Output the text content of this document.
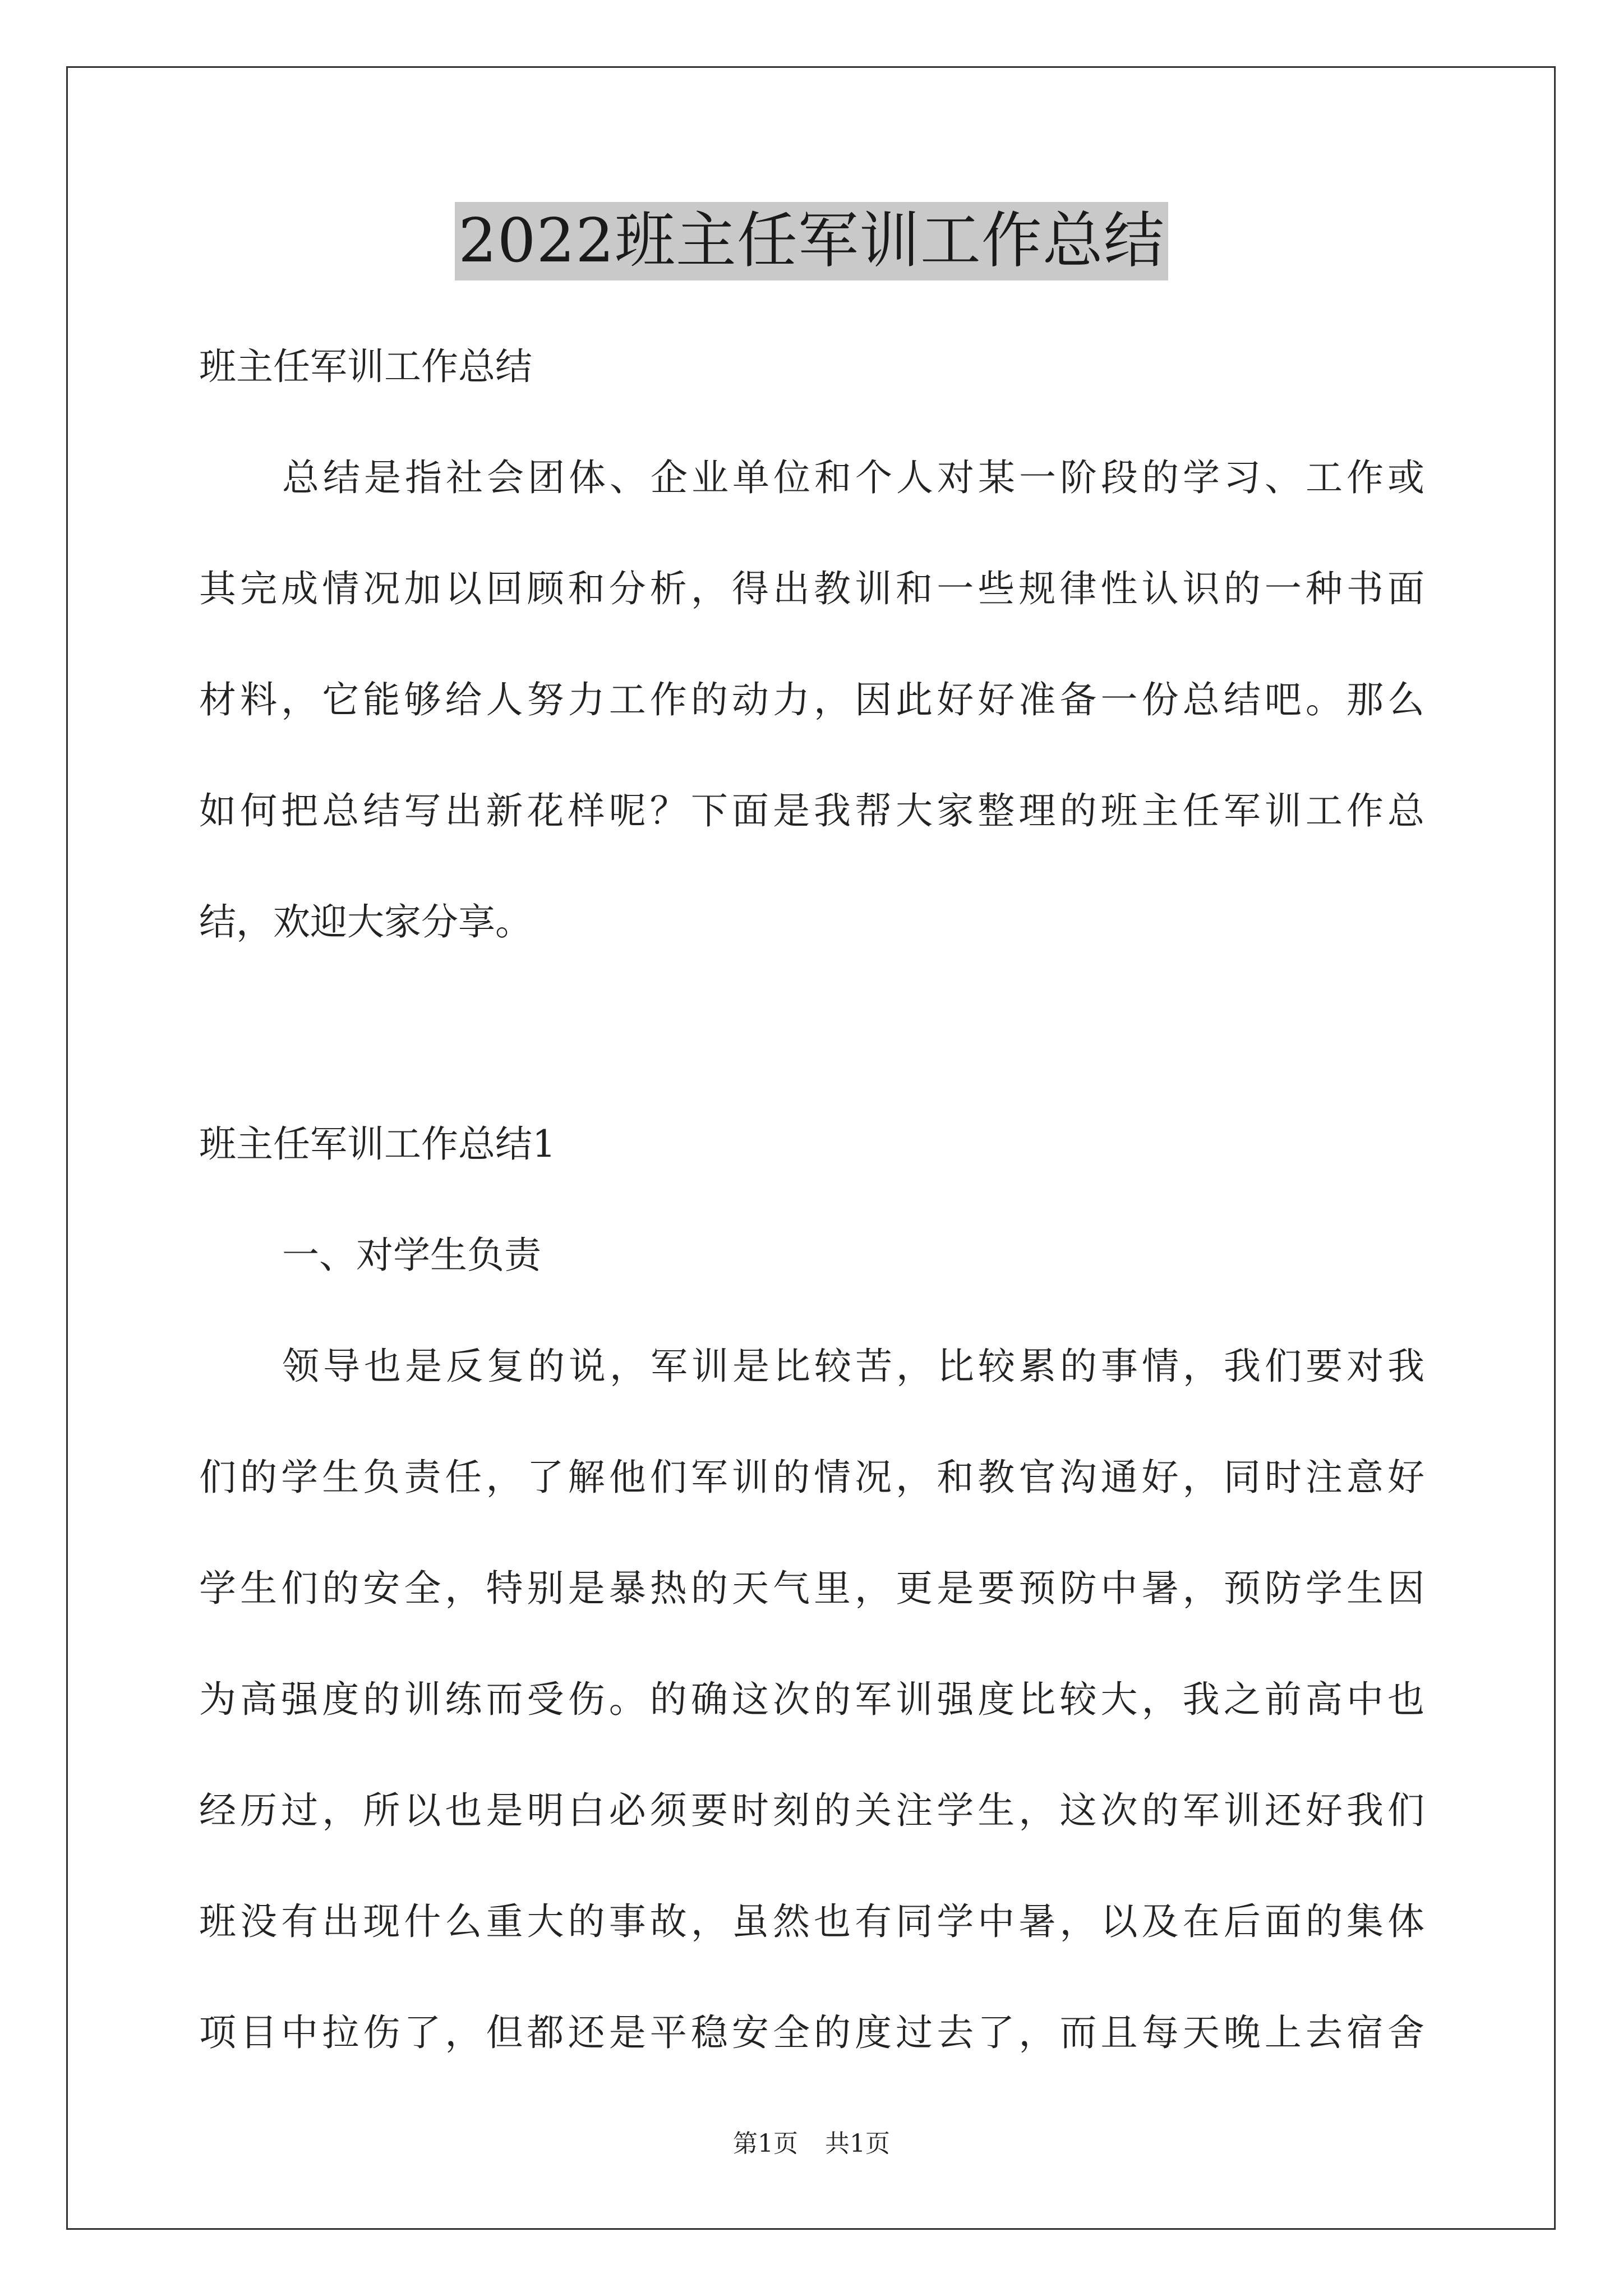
2022班主任军训工作总结
班主任军训工作总结
总结是指社会团体、企业单位和个人对某一阶段的学习、工作或
其完成情况加以回顾和分析，得出教训和一些规律性认识的一种书面
材料，它能够给人努力工作的动力，因此好好准备一份总结吧。那么
如何把总结写出新花样呢？下面是我帮大家整理的班主任军训工作总
结，欢迎大家分享。
班主任军训工作总结1
一、对学生负责
领导也是反复的说，军训是比较苦，比较累的事情，我们要对我
们的学生负责任，了解他们军训的情况，和教官沟通好，同时注意好
学生们的安全，特别是暴热的天气里，更是要预防中暑，预防学生因
为高强度的训练而受伤。的确这次的军训强度比较大，我之前高中也
经历过，所以也是明白必须要时刻的关注学生，这次的军训还好我们
班没有出现什么重大的事故，虽然也有同学中暑，以及在后面的集体
项目中拉伤了，但都还是平稳安全的度过去了，而且每天晚上去宿舍
第1页 共1页
